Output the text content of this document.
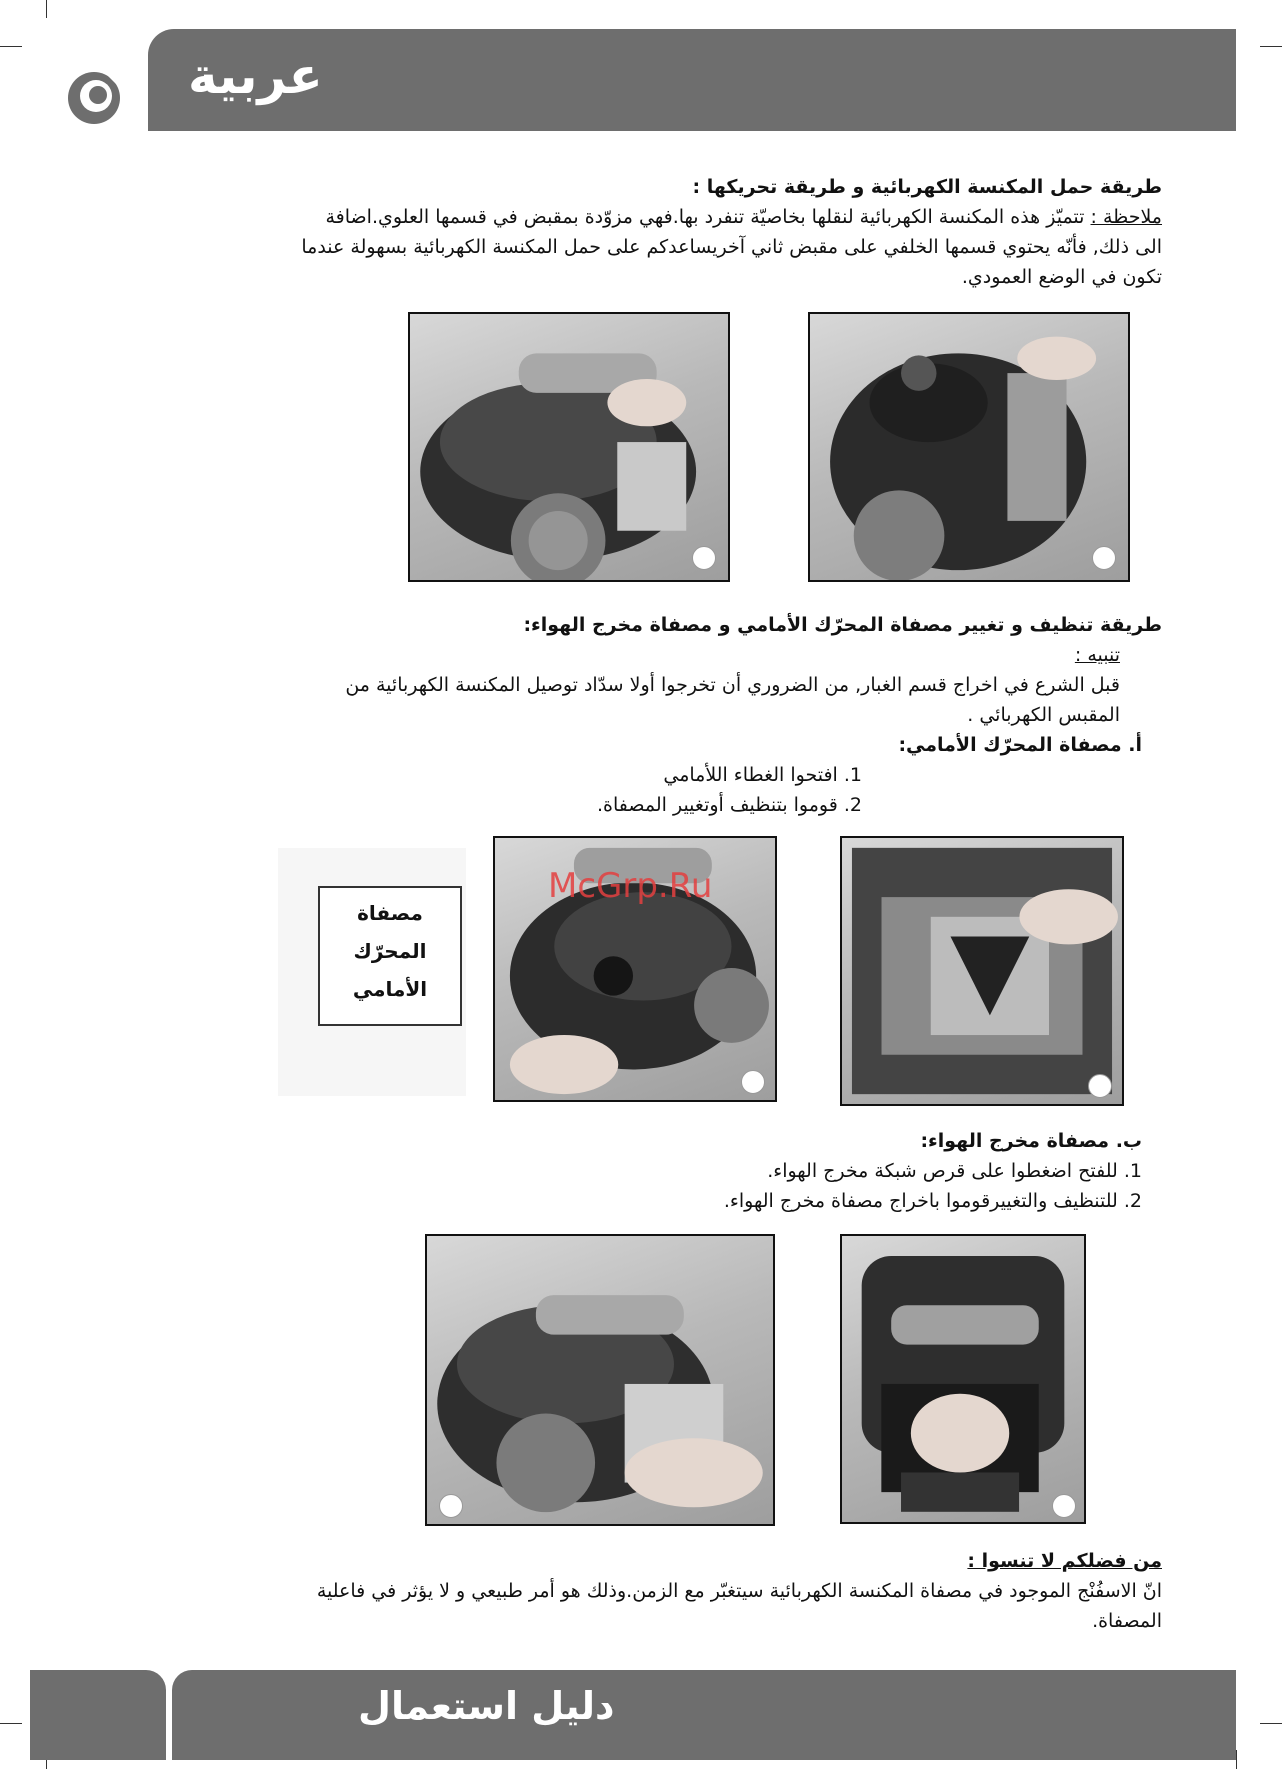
عربية
طريقة حمل المكنسة الكهربائية و طريقة تحريكها :
ملاحظة : تتميّز هذه المكنسة الكهربائية لنقلها بخاصيّة تنفرد بها.فهي مزوّدة بمقبض في قسمها العلوي.اضافة
الى ذلك, فأنّه يحتوي قسمها الخلفي على مقبض ثاني آخريساعدكم على حمل المكنسة الكهربائية بسهولة عندما
تكون في الوضع العمودي.
طريقة تنظيف و تغيير مصفاة المحرّك الأمامي و مصفاة مخرج الهواء:
تنبيه :
قبل الشرع في اخراج قسم الغبار, من الضروري أن تخرجوا أولا سدّاد توصيل المكنسة الكهربائية من
المقبس الكهربائي .
أ. مصفاة المحرّك الأمامي:
1. افتحوا الغطاء اللأمامي
2. قوموا بتنظيف أوتغيير المصفاة.
مصفاة
المحرّك
الأمامي
McGrp.Ru
ب. مصفاة مخرج الهواء:
1. للفتح اضغطوا على قرص شبكة مخرج الهواء.
2. للتنظيف والتغييرقوموا باخراج مصفاة مخرج الهواء.
من فضلكم لا تنسوا :
انّ الاسفُنْج الموجود في مصفاة المكنسة الكهربائية سيتغبّر مع الزمن.وذلك هو أمر طبيعي و لا يؤثر في فاعلية
المصفاة.
دليل استعمال
